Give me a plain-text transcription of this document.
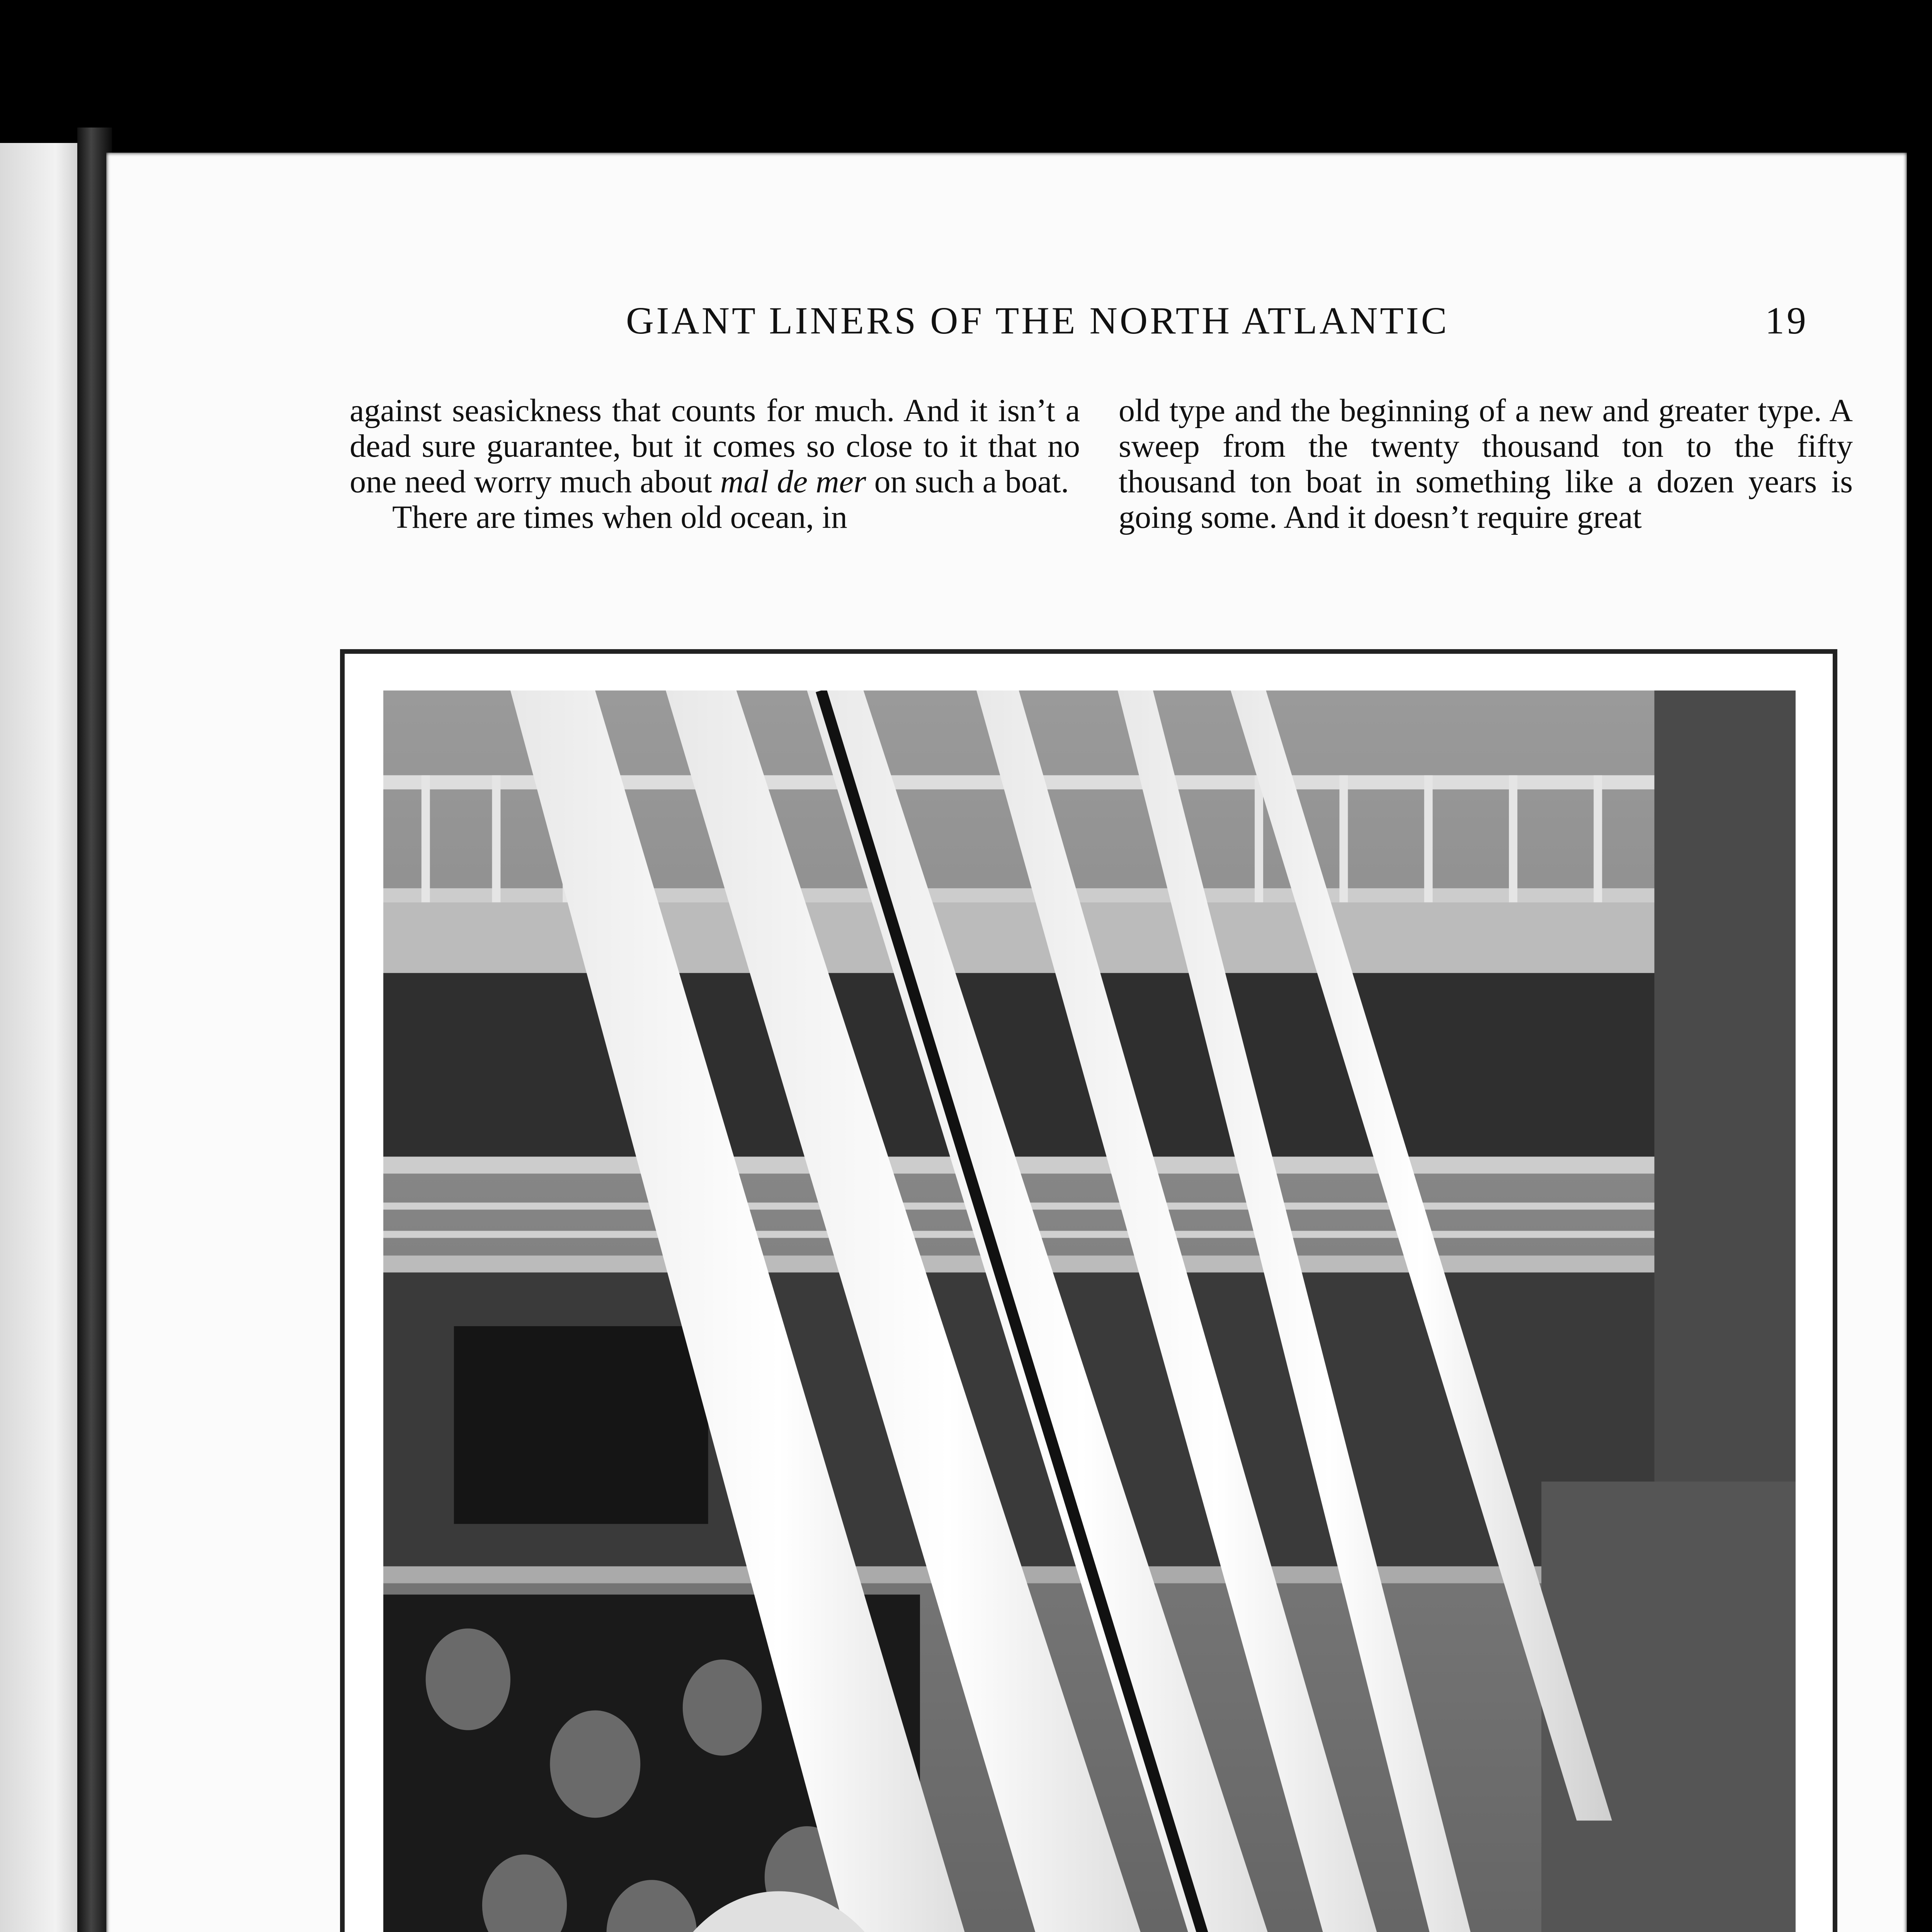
GIANT LINERS OF THE NORTH ATLANTIC	19

against seasickness that counts for much. And it isn’t a dead sure guarantee, but it comes so close to it that no one need worry much about mal de mer on such a boat.

There are times when old ocean, in

old type and the beginning of a new and greater type. A sweep from the twenty thousand ton to the fifty thousand ton boat in something like a dozen years is going some. And it doesn’t require great
